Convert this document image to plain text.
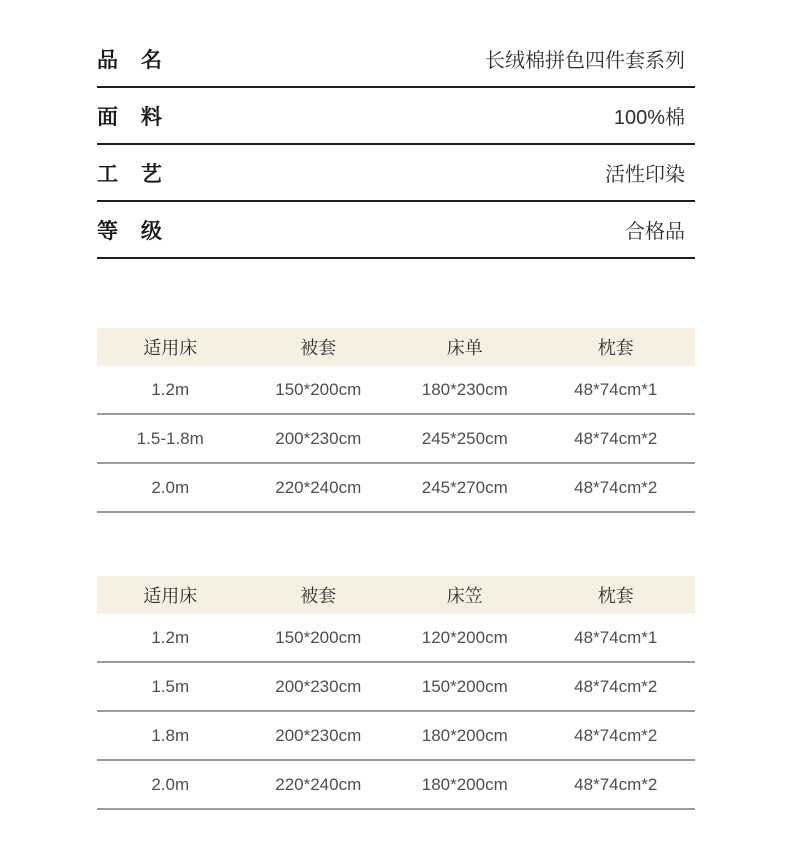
品 名	长绒棉拼色四件套系列
面 料	100%棉
工 艺	活性印染
等 级	合格品
适用床	被套	床单	枕套
1.2m	150*200cm	180*230cm	48*74cm*1
1.5-1.8m	200*230cm	245*250cm	48*74cm*2
2.0m	220*240cm	245*270cm	48*74cm*2
适用床	被套	床笠	枕套
1.2m	150*200cm	120*200cm	48*74cm*1
1.5m	200*230cm	150*200cm	48*74cm*2
1.8m	200*230cm	180*200cm	48*74cm*2
2.0m	220*240cm	180*200cm	48*74cm*2
